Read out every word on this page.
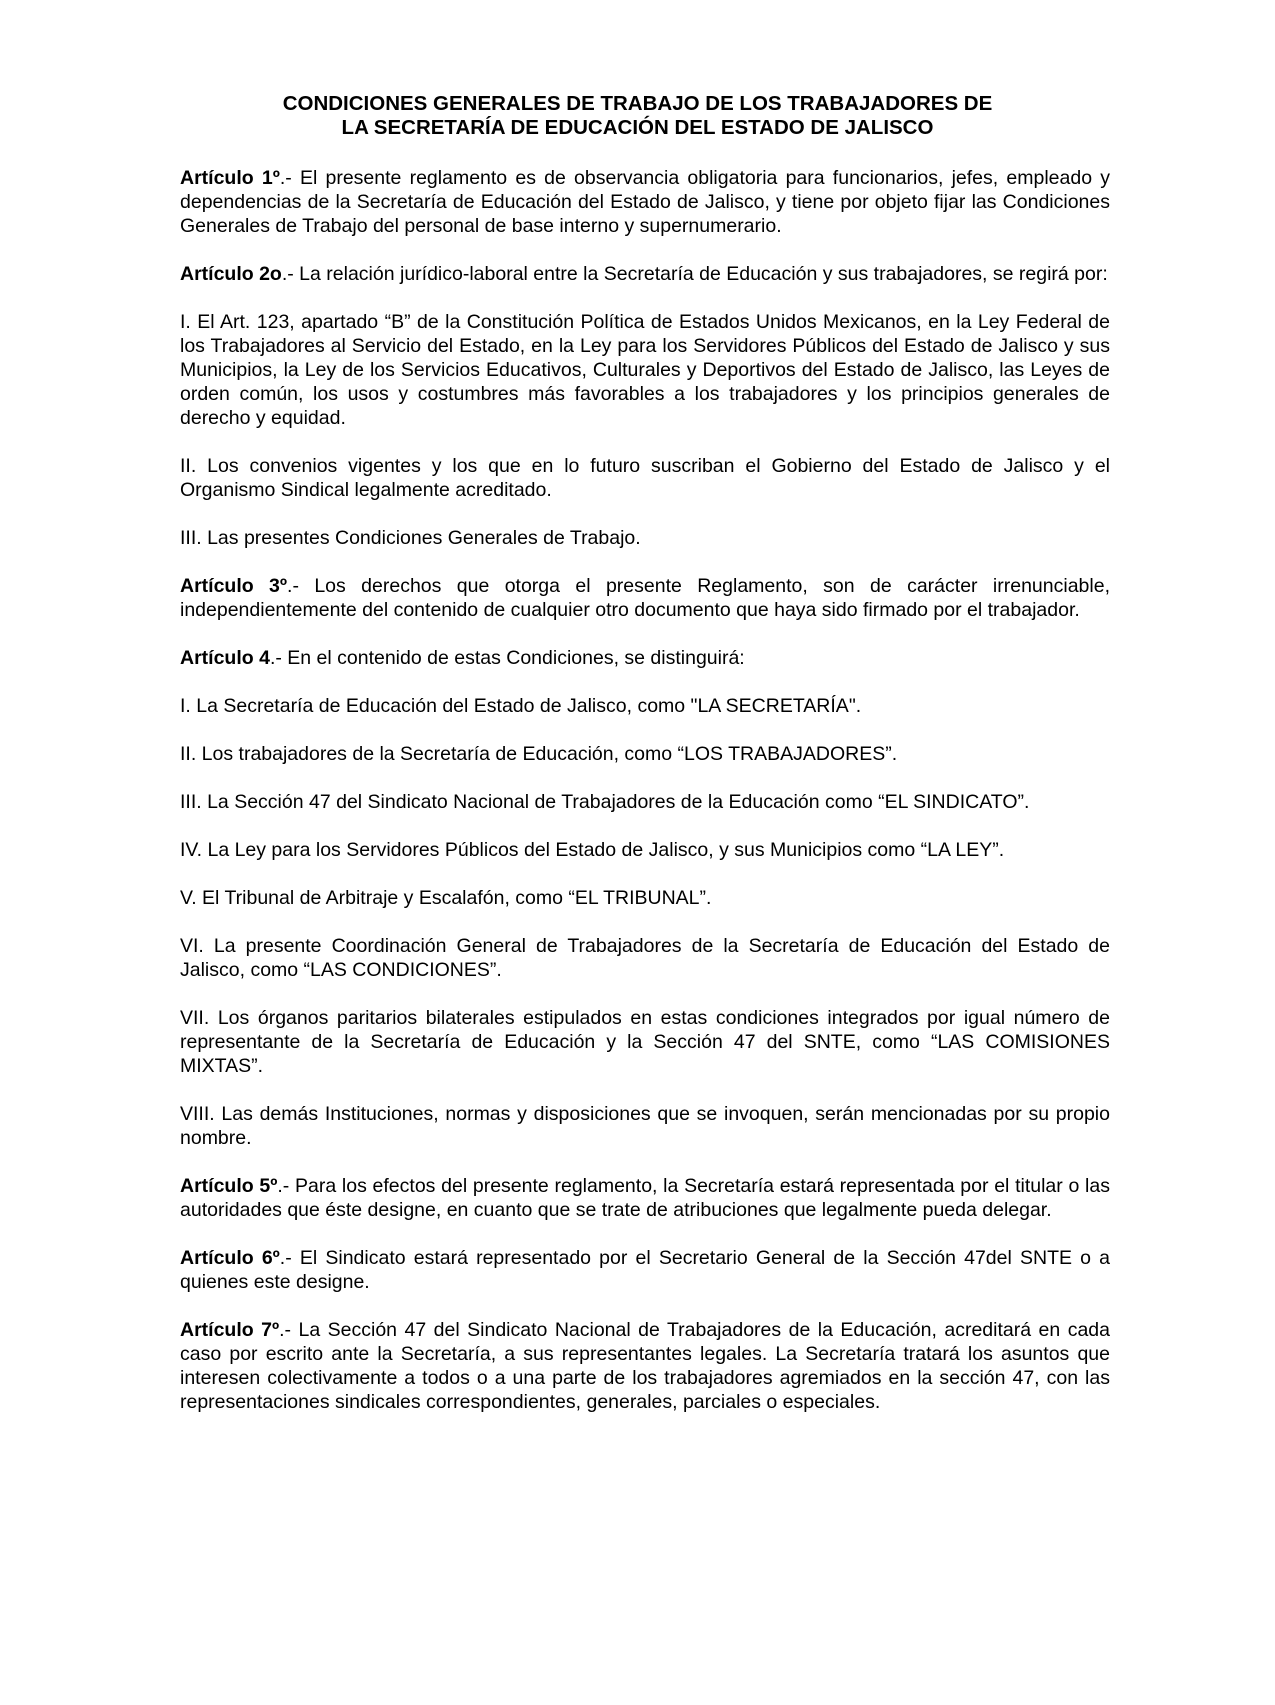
CONDICIONES GENERALES DE TRABAJO DE LOS TRABAJADORES DE
LA SECRETARÍA DE EDUCACIÓN DEL ESTADO DE JALISCO

Artículo 1º.- El presente reglamento es de observancia obligatoria para funcionarios, jefes, empleado y dependencias de la Secretaría de Educación del Estado de Jalisco, y tiene por objeto fijar las Condiciones Generales de Trabajo del personal de base interno y supernumerario.

Artículo 2o.- La relación jurídico-laboral entre la Secretaría de Educación y sus trabajadores, se regirá por:

I. El Art. 123, apartado “B” de la Constitución Política de Estados Unidos Mexicanos, en la Ley Federal de los Trabajadores al Servicio del Estado, en la Ley para los Servidores Públicos del Estado de Jalisco y sus Municipios, la Ley de los Servicios Educativos, Culturales y Deportivos del Estado de Jalisco, las Leyes de orden común, los usos y costumbres más favorables a los trabajadores y los principios generales de derecho y equidad.

II. Los convenios vigentes y los que en lo futuro suscriban el Gobierno del Estado de Jalisco y el Organismo Sindical legalmente acreditado.

III. Las presentes Condiciones Generales de Trabajo.

Artículo 3º.- Los derechos que otorga el presente Reglamento, son de carácter irrenunciable, independientemente del contenido de cualquier otro documento que haya sido firmado por el trabajador.

Artículo 4.- En el contenido de estas Condiciones, se distinguirá:

I. La Secretaría de Educación del Estado de Jalisco, como "LA SECRETARÍA".

II. Los trabajadores de la Secretaría de Educación, como “LOS TRABAJADORES”.

III. La Sección 47 del Sindicato Nacional de Trabajadores de la Educación como “EL SINDICATO”.

IV. La Ley para los Servidores Públicos del Estado de Jalisco, y sus Municipios como “LA LEY”.

V. El Tribunal de Arbitraje y Escalafón, como “EL TRIBUNAL”.

VI. La presente Coordinación General de Trabajadores de la Secretaría de Educación del Estado de Jalisco, como “LAS CONDICIONES”.

VII. Los órganos paritarios bilaterales estipulados en estas condiciones integrados por igual número de representante de la Secretaría de Educación y la Sección 47 del SNTE, como “LAS COMISIONES MIXTAS”.

VIII. Las demás Instituciones, normas y disposiciones que se invoquen, serán mencionadas por su propio nombre.

Artículo 5º.- Para los efectos del presente reglamento, la Secretaría estará representada por el titular o las autoridades que éste designe, en cuanto que se trate de atribuciones que legalmente pueda delegar.

Artículo 6º.- El Sindicato estará representado por el Secretario General de la Sección 47del SNTE o a quienes este designe.

Artículo 7º.- La Sección 47 del Sindicato Nacional de Trabajadores de la Educación, acreditará en cada caso por escrito ante la Secretaría, a sus representantes legales. La Secretaría tratará los asuntos que interesen colectivamente a todos o a una parte de los trabajadores agremiados en la sección 47, con las representaciones sindicales correspondientes, generales, parciales o especiales.
